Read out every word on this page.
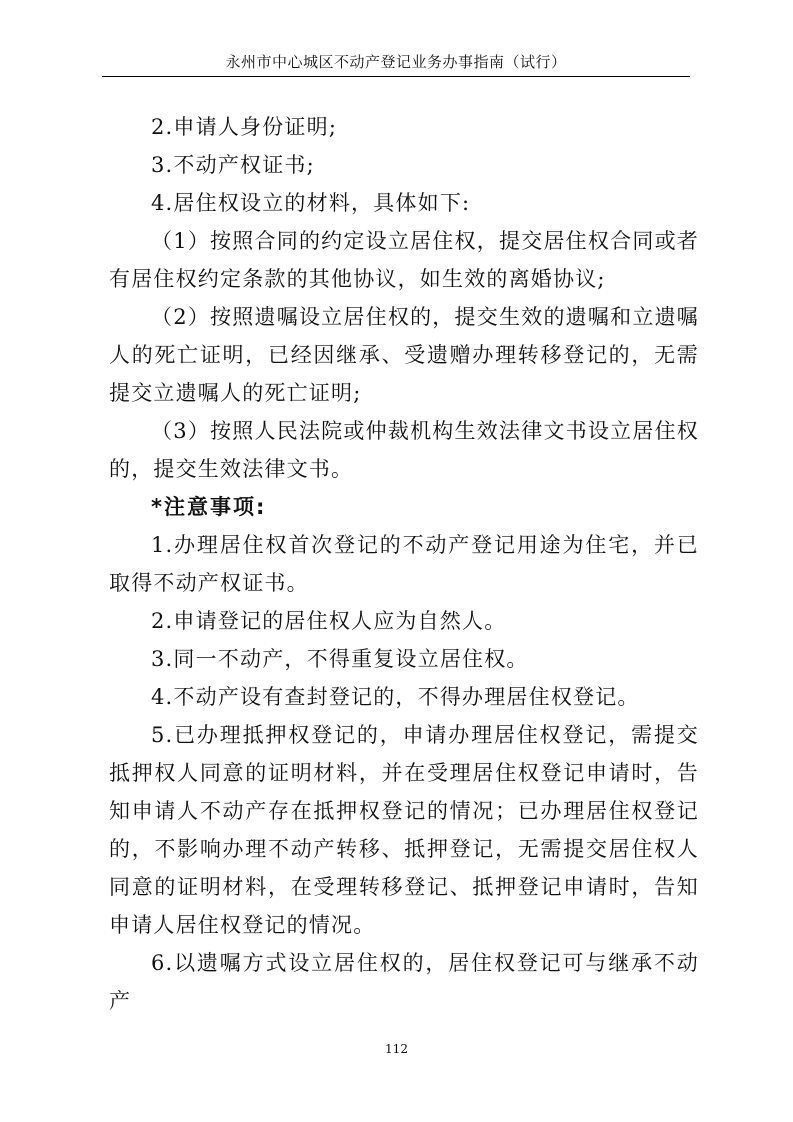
永州市中心城区不动产登记业务办事指南（试行）

2.申请人身份证明;

3.不动产权证书;

4.居住权设立的材料，具体如下:

（1）按照合同的约定设立居住权，提交居住权合同或者有居住权约定条款的其他协议，如生效的离婚协议;

（2）按照遗嘱设立居住权的，提交生效的遗嘱和立遗嘱人的死亡证明，已经因继承、受遗赠办理转移登记的，无需提交立遗嘱人的死亡证明;

（3）按照人民法院或仲裁机构生效法律文书设立居住权的，提交生效法律文书。

*注意事项:

1.办理居住权首次登记的不动产登记用途为住宅，并已取得不动产权证书。

2.申请登记的居住权人应为自然人。

3.同一不动产，不得重复设立居住权。

4.不动产设有查封登记的，不得办理居住权登记。

5.已办理抵押权登记的，申请办理居住权登记，需提交抵押权人同意的证明材料，并在受理居住权登记申请时，告知申请人不动产存在抵押权登记的情况；已办理居住权登记的，不影响办理不动产转移、抵押登记，无需提交居住权人同意的证明材料，在受理转移登记、抵押登记申请时，告知申请人居住权登记的情况。

6.以遗嘱方式设立居住权的，居住权登记可与继承不动产

112
